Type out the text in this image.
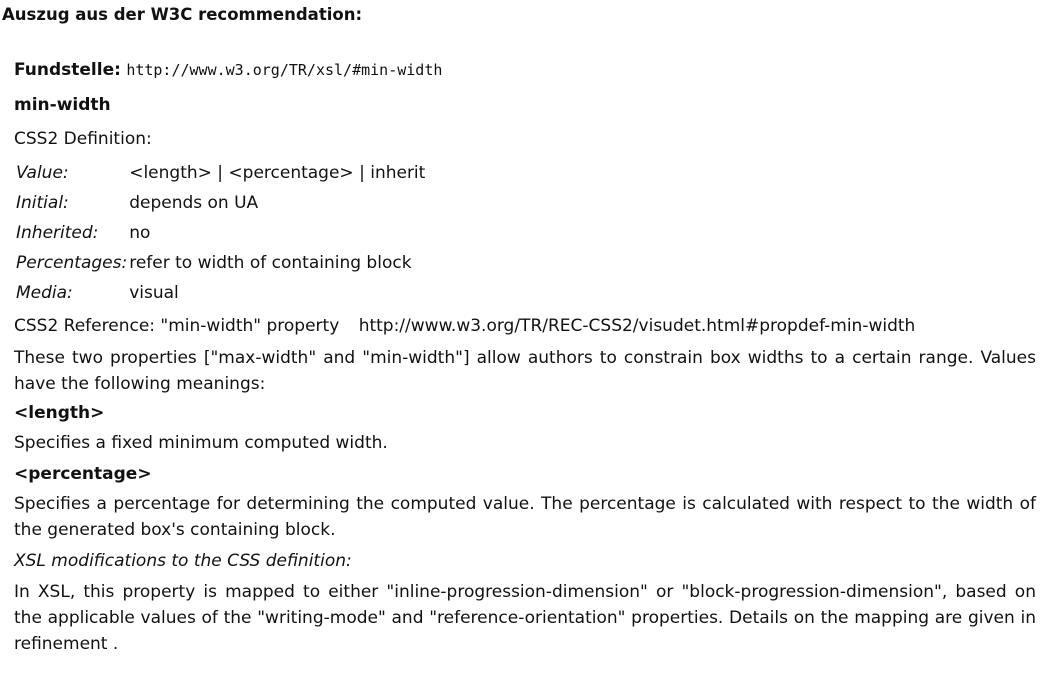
Auszug aus der W3C recommendation:
Fundstelle: http://www.w3.org/TR/xsl/#min-width
min-width
CSS2 Definition:
Value:	<length> | <percentage> | inherit
Initial:	depends on UA
Inherited:	no
Percentages:	refer to width of containing block
Media:	visual
CSS2 Reference: "min-width" property http://www.w3.org/TR/REC-CSS2/visudet.html#propdef-min-width
These two properties ["max-width" and "min-width"] allow authors to constrain box widths to a certain range. Values have the following meanings:
<length>
Specifies a fixed minimum computed width.
<percentage>
Specifies a percentage for determining the computed value. The percentage is calculated with respect to the width of the generated box's containing block.
XSL modifications to the CSS definition:
In XSL, this property is mapped to either "inline-progression-dimension" or "block-progression-dimension", based on the applicable values of the "writing-mode" and "reference-orientation" properties. Details on the mapping are given in refinement .
